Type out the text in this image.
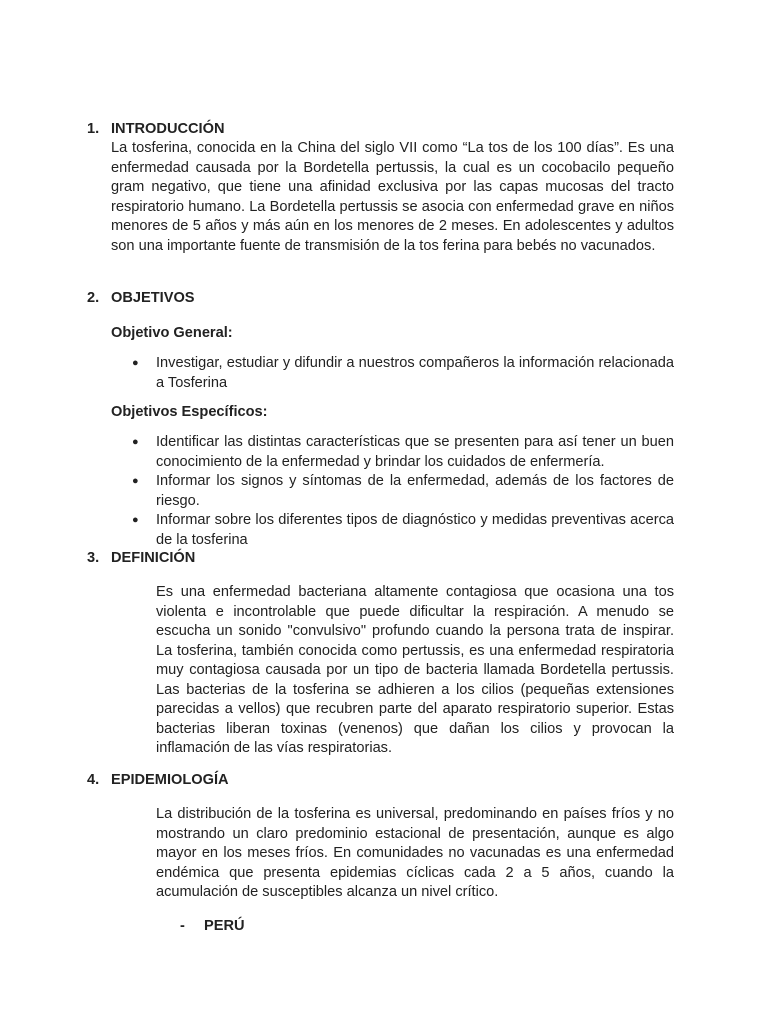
1. INTRODUCCIÓN

La tosferina, conocida en la China del siglo VII como “La tos de los 100 días”. Es una enfermedad causada por la Bordetella pertussis, la cual es un cocobacilo pequeño gram negativo, que tiene una afinidad exclusiva por las capas mucosas del tracto respiratorio humano. La Bordetella pertussis se asocia con enfermedad grave en niños menores de 5 años y más aún en los menores de 2 meses. En adolescentes y adultos son una importante fuente de transmisión de la tos ferina para bebés no vacunados.

2. OBJETIVOS

Objetivo General:

●	Investigar, estudiar y difundir a nuestros compañeros la información relacionada a Tosferina

Objetivos Específicos:

●	Identificar las distintas características que se presenten para así tener un buen conocimiento de la enfermedad y brindar los cuidados de enfermería.
●	Informar los signos y síntomas de la enfermedad, además de los factores de riesgo.
●	Informar sobre los diferentes tipos de diagnóstico y medidas preventivas acerca de la tosferina
3. DEFINICIÓN

Es una enfermedad bacteriana altamente contagiosa que ocasiona una tos violenta e incontrolable que puede dificultar la respiración. A menudo se escucha un sonido "convulsivo" profundo cuando la persona trata de inspirar. La tosferina, también conocida como pertussis, es una enfermedad respiratoria muy contagiosa causada por un tipo de bacteria llamada Bordetella pertussis. Las bacterias de la tosferina se adhieren a los cilios (pequeñas extensiones parecidas a vellos) que recubren parte del aparato respiratorio superior. Estas bacterias liberan toxinas (venenos) que dañan los cilios y provocan la inflamación de las vías respiratorias.

4. EPIDEMIOLOGÍA

La distribución de la tosferina es universal, predominando en países fríos y no mostrando un claro predominio estacional de presentación, aunque es algo mayor en los meses fríos. En comunidades no vacunadas es una enfermedad endémica que presenta epidemias cíclicas cada 2 a 5 años, cuando la acumulación de susceptibles alcanza un nivel crítico.

- PERÚ
